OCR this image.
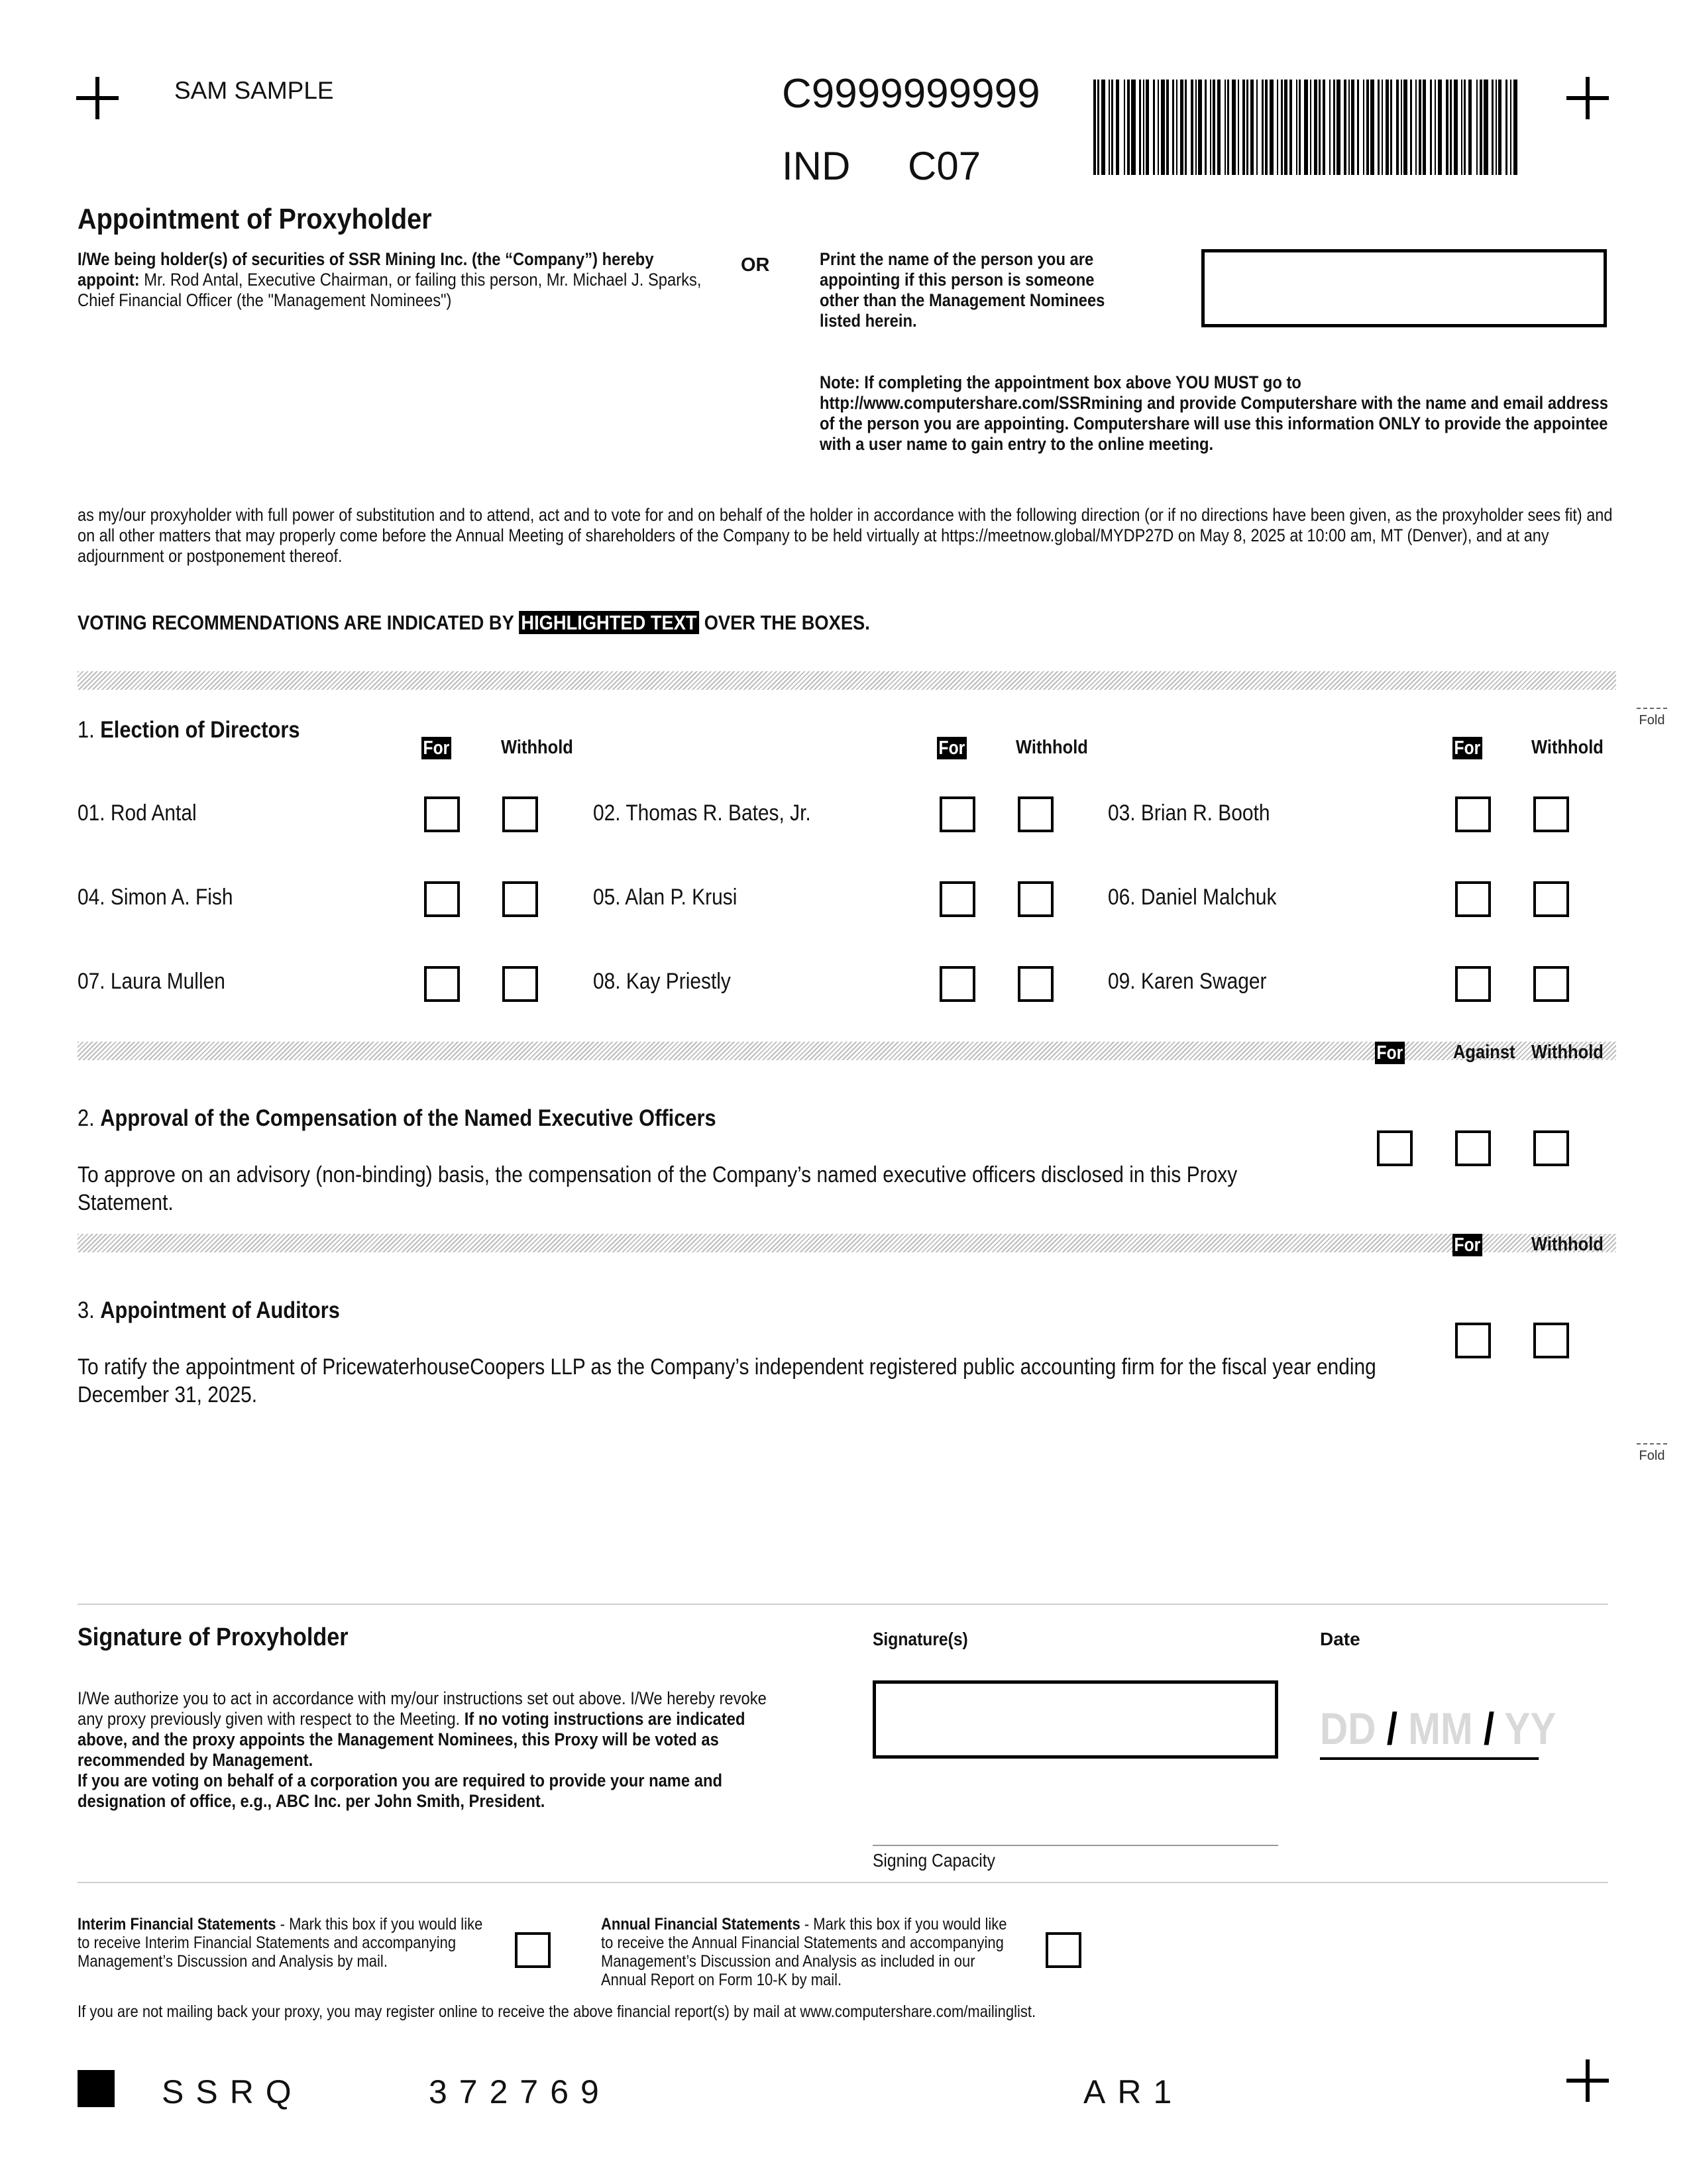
SAM SAMPLE	C9999999999
IND C07
Appointment of Proxyholder
I/We being holder(s) of securities of SSR Mining Inc. (the “Company”) hereby appoint: Mr. Rod Antal, Executive Chairman, or failing this person, Mr. Michael J. Sparks, Chief Financial Officer (the "Management Nominees")
OR	Print the name of the person you are appointing if this person is someone other than the Management Nominees listed herein.
Note: If completing the appointment box above YOU MUST go to http://www.computershare.com/SSRmining and provide Computershare with the name and email address of the person you are appointing. Computershare will use this information ONLY to provide the appointee with a user name to gain entry to the online meeting.
as my/our proxyholder with full power of substitution and to attend, act and to vote for and on behalf of the holder in accordance with the following direction (or if no directions have been given, as the proxyholder sees fit) and on all other matters that may properly come before the Annual Meeting of shareholders of the Company to be held virtually at https://meetnow.global/MYDP27D on May 8, 2025 at 10:00 am, MT (Denver), and at any adjournment or postponement thereof.
VOTING RECOMMENDATIONS ARE INDICATED BY HIGHLIGHTED TEXT OVER THE BOXES.
Fold
Fold
1. Election of Directors
For	Withhold	For	Withhold	For	Withhold
01. Rod Antal	02. Thomas R. Bates, Jr.	03. Brian R. Booth
04. Simon A. Fish	05. Alan P. Krusi	06. Daniel Malchuk
07. Laura Mullen	08. Kay Priestly	09. Karen Swager
For	Against Withhold
2. Approval of the Compensation of the Named Executive Officers
To approve on an advisory (non-binding) basis, the compensation of the Company’s named executive officers disclosed in this Proxy Statement.
For	Withhold
3. Appointment of Auditors
To ratify the appointment of PricewaterhouseCoopers LLP as the Company’s independent registered public accounting firm for the fiscal year ending December 31, 2025.
Signature of Proxyholder
I/We authorize you to act in accordance with my/our instructions set out above. I/We hereby revoke any proxy previously given with respect to the Meeting. If no voting instructions are indicated above, and the proxy appoints the Management Nominees, this Proxy will be voted as recommended by Management.
If you are voting on behalf of a corporation you are required to provide your name and designation of office, e.g., ABC Inc. per John Smith, President.
Signature(s)	Date
DD / MM / YY
Signing Capacity
Interim Financial Statements - Mark this box if you would like to receive Interim Financial Statements and accompanying Management’s Discussion and Analysis by mail.
Annual Financial Statements - Mark this box if you would like to receive the Annual Financial Statements and accompanying Management’s Discussion and Analysis as included in our Annual Report on Form 10-K by mail.
If you are not mailing back your proxy, you may register online to receive the above financial report(s) by mail at www.computershare.com/mailinglist.
SSRQ	372769	AR1
